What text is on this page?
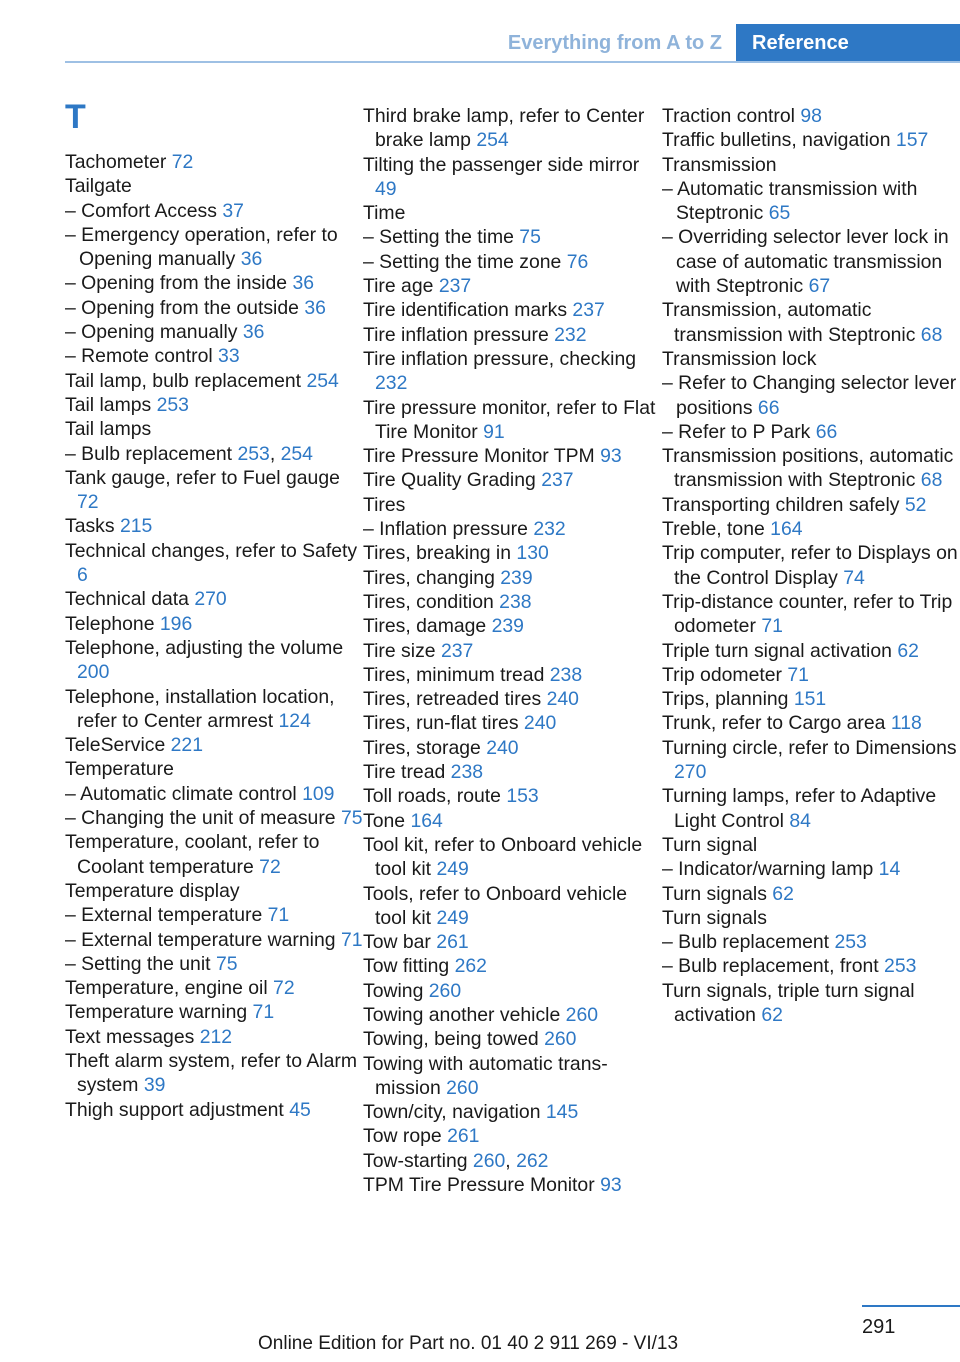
Everything from A to Z	Reference
T
Tachometer 72
Tailgate
– Comfort Access 37
– Emergency operation, refer to Opening manually 36
– Opening from the inside 36
– Opening from the outside 36
– Opening manually 36
– Remote control 33
Tail lamp, bulb replacement 254
Tail lamps 253
Tail lamps
– Bulb replacement 253, 254
Tank gauge, refer to Fuel gauge 72
Tasks 215
Technical changes, refer to Safety 6
Technical data 270
Telephone 196
Telephone, adjusting the volume 200
Telephone, installation location, refer to Center armrest 124
TeleService 221
Temperature
– Automatic climate control 109
– Changing the unit of measure 75
Temperature, coolant, refer to Coolant temperature 72
Temperature display
– External temperature 71
– External temperature warning 71
– Setting the unit 75
Temperature, engine oil 72
Temperature warning 71
Text messages 212
Theft alarm system, refer to Alarm system 39
Thigh support adjustment 45
Third brake lamp, refer to Center brake lamp 254
Tilting the passenger side mirror 49
Time
– Setting the time 75
– Setting the time zone 76
Tire age 237
Tire identification marks 237
Tire inflation pressure 232
Tire inflation pressure, checking 232
Tire pressure monitor, refer to Flat Tire Monitor 91
Tire Pressure Monitor TPM 93
Tire Quality Grading 237
Tires
– Inflation pressure 232
Tires, breaking in 130
Tires, changing 239
Tires, condition 238
Tires, damage 239
Tire size 237
Tires, minimum tread 238
Tires, retreaded tires 240
Tires, run-flat tires 240
Tires, storage 240
Tire tread 238
Toll roads, route 153
Tone 164
Tool kit, refer to Onboard vehicle tool kit 249
Tools, refer to Onboard vehicle tool kit 249
Tow bar 261
Tow fitting 262
Towing 260
Towing another vehicle 260
Towing, being towed 260
Towing with automatic transmission 260
Town/city, navigation 145
Tow rope 261
Tow-starting 260, 262
TPM Tire Pressure Monitor 93
Traction control 98
Traffic bulletins, navigation 157
Transmission
– Automatic transmission with Steptronic 65
– Overriding selector lever lock in case of automatic transmission with Steptronic 67
Transmission, automatic transmission with Steptronic 68
Transmission lock
– Refer to Changing selector lever positions 66
– Refer to P Park 66
Transmission positions, automatic transmission with Steptronic 68
Transporting children safely 52
Treble, tone 164
Trip computer, refer to Displays on the Control Display 74
Trip-distance counter, refer to Trip odometer 71
Triple turn signal activation 62
Trip odometer 71
Trips, planning 151
Trunk, refer to Cargo area 118
Turning circle, refer to Dimensions 270
Turning lamps, refer to Adaptive Light Control 84
Turn signal
– Indicator/warning lamp 14
Turn signals 62
Turn signals
– Bulb replacement 253
– Bulb replacement, front 253
Turn signals, triple turn signal activation 62
291
Online Edition for Part no. 01 40 2 911 269 - VI/13
